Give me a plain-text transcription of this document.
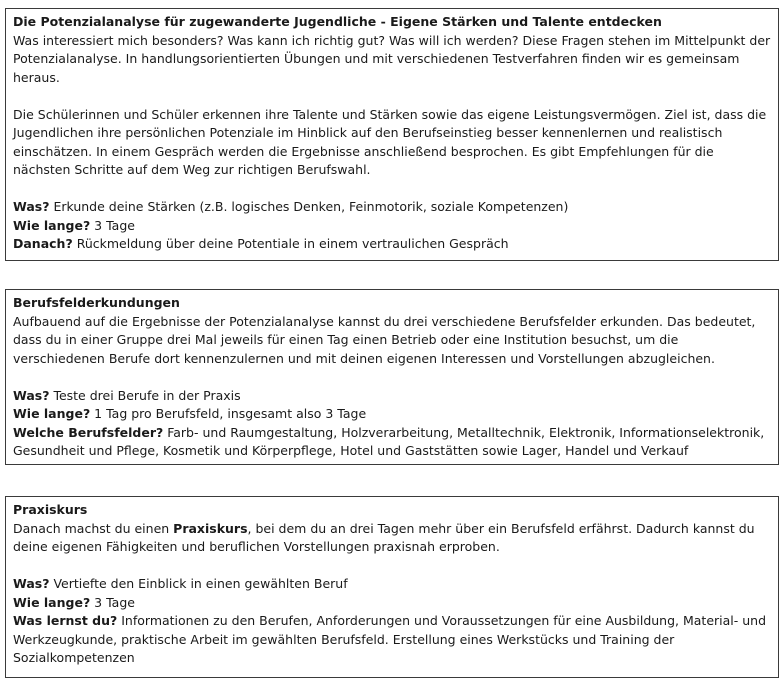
Die Potenzialanalyse für zugewanderte Jugendliche - Eigene Stärken und Talente entdecken

Was interessiert mich besonders? Was kann ich richtig gut? Was will ich werden? Diese Fragen stehen im Mittelpunkt der Potenzialanalyse. In handlungsorientierten Übungen und mit verschiedenen Testverfahren finden wir es gemeinsam heraus.

Die Schülerinnen und Schüler erkennen ihre Talente und Stärken sowie das eigene Leistungsvermögen. Ziel ist, dass die Jugendlichen ihre persönlichen Potenziale im Hinblick auf den Berufseinstieg besser kennenlernen und realistisch einschätzen. In einem Gespräch werden die Ergebnisse anschließend besprochen. Es gibt Empfehlungen für die nächsten Schritte auf dem Weg zur richtigen Berufswahl.

Was? Erkunde deine Stärken (z.B. logisches Denken, Feinmotorik, soziale Kompetenzen)

Wie lange? 3 Tage

Danach? Rückmeldung über deine Potentiale in einem vertraulichen Gespräch

Berufsfelderkundungen

Aufbauend auf die Ergebnisse der Potenzialanalyse kannst du drei verschiedene Berufsfelder erkunden. Das bedeutet, dass du in einer Gruppe drei Mal jeweils für einen Tag einen Betrieb oder eine Institution besuchst, um die verschiedenen Berufe dort kennenzulernen und mit deinen eigenen Interessen und Vorstellungen abzugleichen.

Was? Teste drei Berufe in der Praxis

Wie lange? 1 Tag pro Berufsfeld, insgesamt also 3 Tage

Welche Berufsfelder? Farb- und Raumgestaltung, Holzverarbeitung, Metalltechnik, Elektronik, Informationselektronik, Gesundheit und Pflege, Kosmetik und Körperpflege, Hotel und Gaststätten sowie Lager, Handel und Verkauf

Praxiskurs

Danach machst du einen Praxiskurs, bei dem du an drei Tagen mehr über ein Berufsfeld erfährst. Dadurch kannst du deine eigenen Fähigkeiten und beruflichen Vorstellungen praxisnah erproben.

Was? Vertiefte den Einblick in einen gewählten Beruf

Wie lange? 3 Tage

Was lernst du? Informationen zu den Berufen, Anforderungen und Voraussetzungen für eine Ausbildung, Material- und Werkzeugkunde, praktische Arbeit im gewählten Berufsfeld. Erstellung eines Werkstücks und Training der Sozialkompetenzen
